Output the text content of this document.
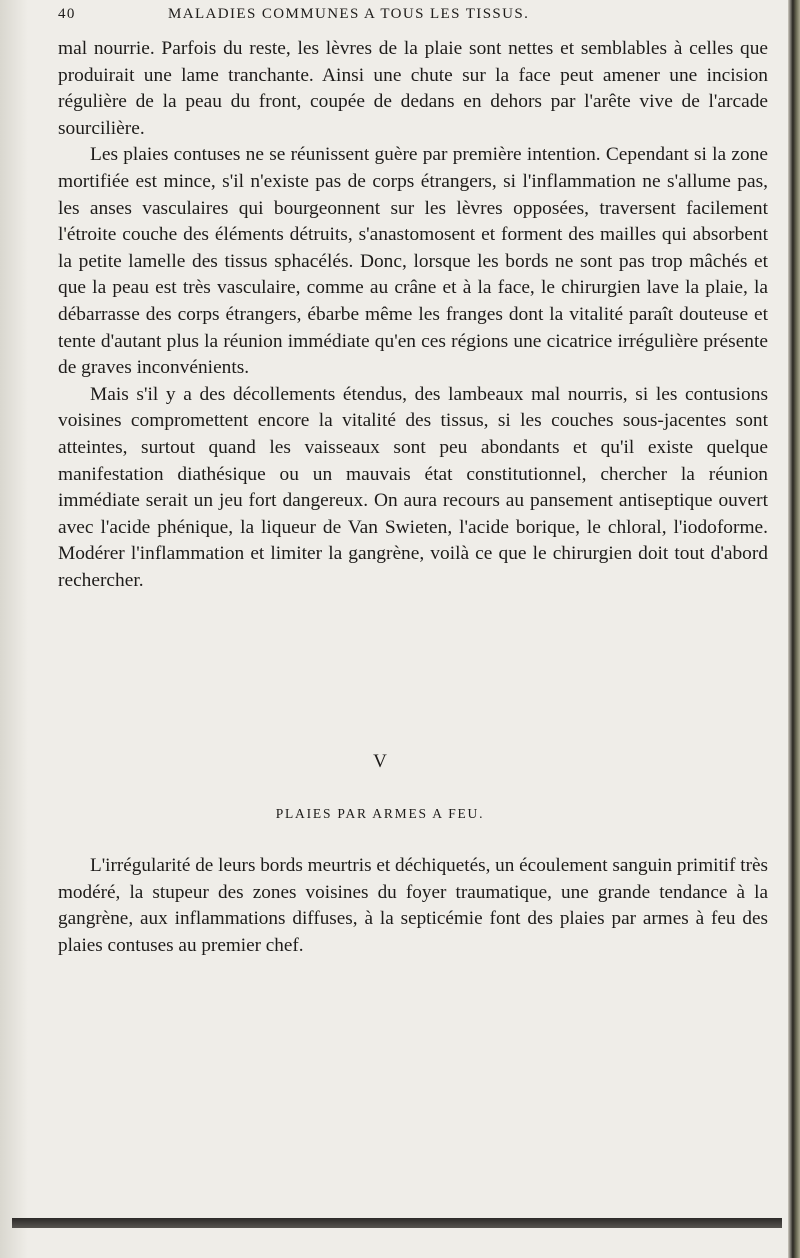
40	MALADIES COMMUNES A TOUS LES TISSUS.

mal nourrie. Parfois du reste, les lèvres de la plaie sont nettes et semblables à celles que produirait une lame tranchante. Ainsi une chute sur la face peut amener une incision régulière de la peau du front, coupée de dedans en dehors par l'arête vive de l'arcade sourcilière.

Les plaies contuses ne se réunissent guère par première intention. Cependant si la zone mortifiée est mince, s'il n'existe pas de corps étrangers, si l'inflammation ne s'allume pas, les anses vasculaires qui bourgeonnent sur les lèvres opposées, traversent facilement l'étroite couche des éléments détruits, s'anastomosent et forment des mailles qui absorbent la petite lamelle des tissus sphacélés. Donc, lorsque les bords ne sont pas trop mâchés et que la peau est très vasculaire, comme au crâne et à la face, le chirurgien lave la plaie, la débarrasse des corps étrangers, ébarbe même les franges dont la vitalité paraît douteuse et tente d'autant plus la réunion immédiate qu'en ces régions une cicatrice irrégulière présente de graves inconvénients.

Mais s'il y a des décollements étendus, des lambeaux mal nourris, si les contusions voisines compromettent encore la vitalité des tissus, si les couches sous-jacentes sont atteintes, surtout quand les vaisseaux sont peu abondants et qu'il existe quelque manifestation diathésique ou un mauvais état constitutionnel, chercher la réunion immédiate serait un jeu fort dangereux. On aura recours au pansement antiseptique ouvert avec l'acide phénique, la liqueur de Van Swieten, l'acide borique, le chloral, l'iodoforme. Modérer l'inflammation et limiter la gangrène, voilà ce que le chirurgien doit tout d'abord rechercher.

V
PLAIES PAR ARMES A FEU.

L'irrégularité de leurs bords meurtris et déchiquetés, un écoulement sanguin primitif très modéré, la stupeur des zones voisines du foyer traumatique, une grande tendance à la gangrène, aux inflammations diffuses, à la septicémie font des plaies par armes à feu des plaies contuses au premier chef.
